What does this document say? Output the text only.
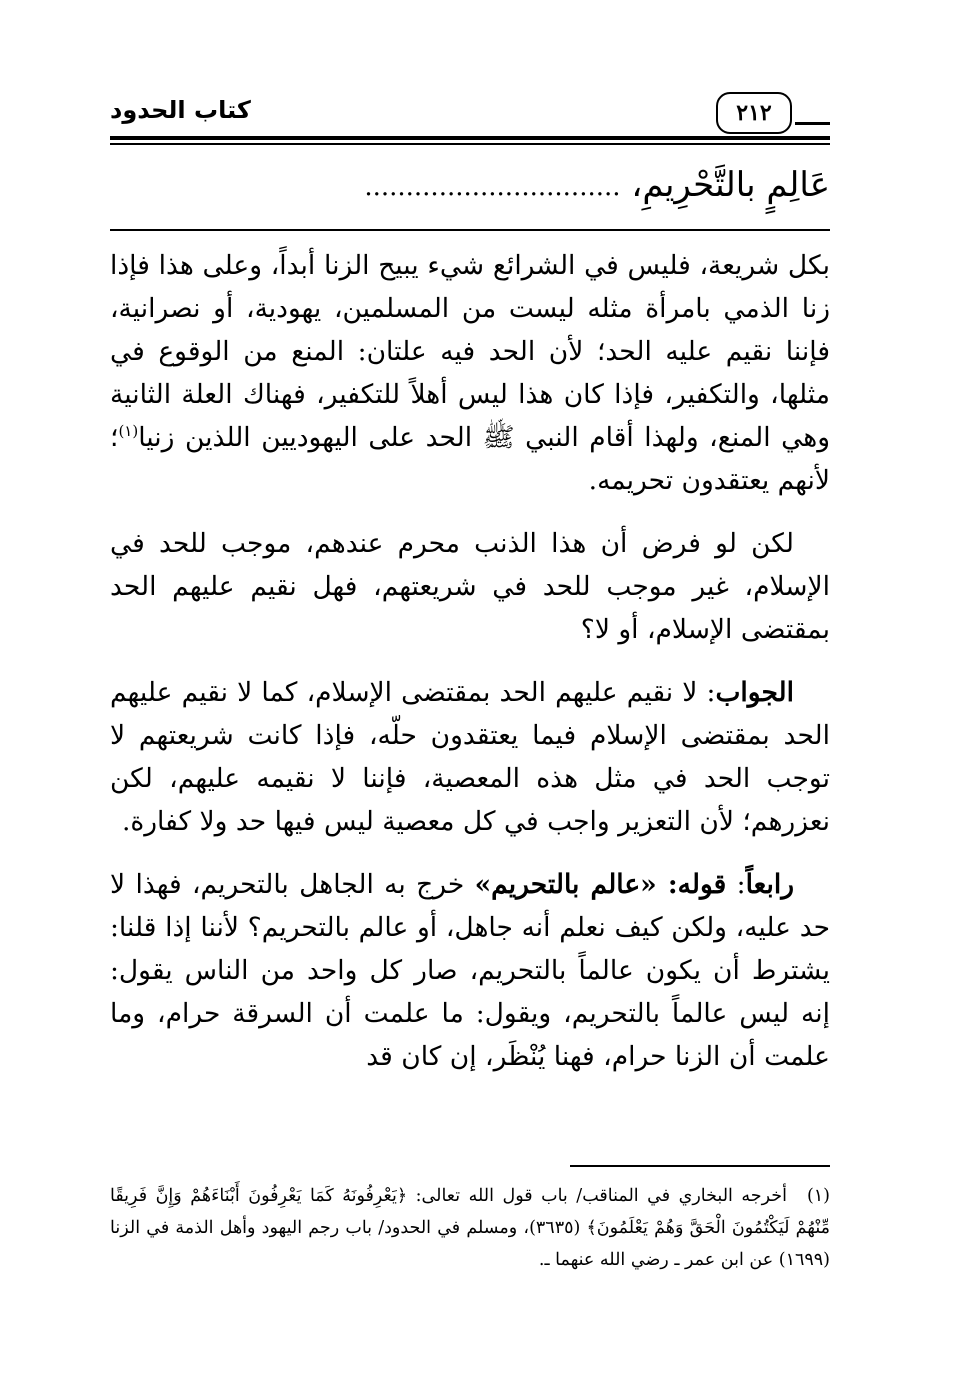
كتاب الحدود	٢١٢
عَالِمٍ بالتَّحْرِيمِ، ...............................

بكل شريعة، فليس في الشرائع شيء يبيح الزنا أبداً، وعلى هذا فإذا زنا الذمي بامرأة مثله ليست من المسلمين، يهودية، أو نصرانية، فإننا نقيم عليه الحد؛ لأن الحد فيه علتان: المنع من الوقوع في مثلها، والتكفير، فإذا كان هذا ليس أهلاً للتكفير، فهناك العلة الثانية وهي المنع، ولهذا أقام النبي ﷺ الحد على اليهوديين اللذين زنيا$^{(١)}$؛ لأنهم يعتقدون تحريمه.

لكن لو فرض أن هذا الذنب محرم عندهم، موجب للحد في الإسلام، غير موجب للحد في شريعتهم، فهل نقيم عليهم الحد بمقتضى الإسلام، أو لا؟

الجواب: لا نقيم عليهم الحد بمقتضى الإسلام، كما لا نقيم عليهم الحد بمقتضى الإسلام فيما يعتقدون حلّه، فإذا كانت شريعتهم لا توجب الحد في مثل هذه المعصية، فإننا لا نقيمه عليهم، لكن نعزرهم؛ لأن التعزير واجب في كل معصية ليس فيها حد ولا كفارة.

رابعاً: قوله: «عالم بالتحريم» خرج به الجاهل بالتحريم، فهذا لا حد عليه، ولكن كيف نعلم أنه جاهل، أو عالم بالتحريم؟ لأننا إذا قلنا: يشترط أن يكون عالماً بالتحريم، صار كل واحد من الناس يقول: إنه ليس عالماً بالتحريم، ويقول: ما علمت أن السرقة حرام، وما علمت أن الزنا حرام، فهنا يُنْظَر، إن كان قد

(١)أخرجه البخاري في المناقب/ باب قول الله تعالى: ﴿يَعْرِفُونَهُ كَمَا يَعْرِفُونَ أَبْنَاءَهُمْ وَإِنَّ فَرِيقًا مِّنْهُمْ لَيَكْتُمُونَ الْحَقَّ وَهُمْ يَعْلَمُونَ﴾ (٣٦٣٥)، ومسلم في الحدود/ باب رجم اليهود وأهل الذمة في الزنا (١٦٩٩) عن ابن عمر ـ رضي الله عنهما ـ.
